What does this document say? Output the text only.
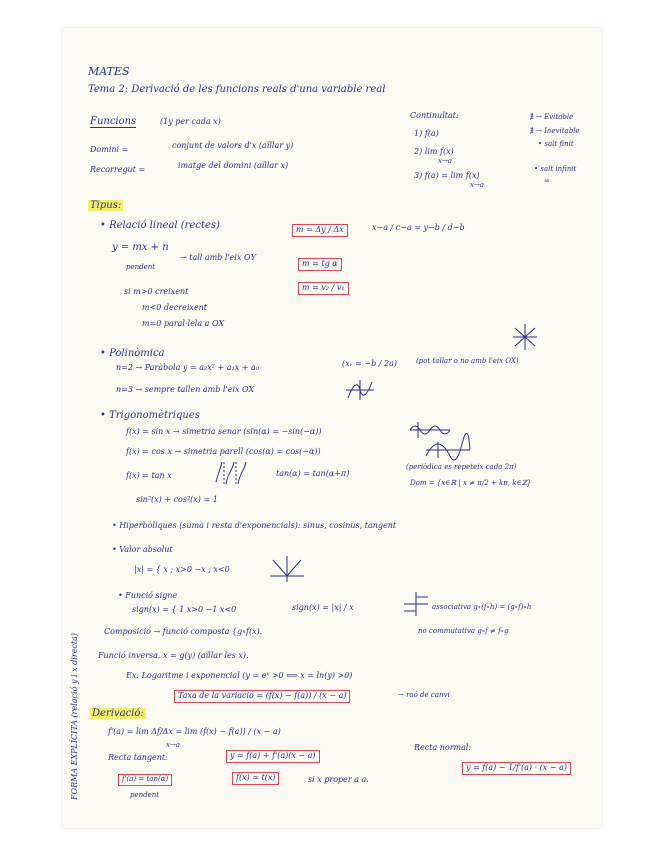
MATES
Tema 2: Derivació de les funcions reals d'una variable real
Funcions	(1y per cada x)
Domini =	conjunt de valors d'x (aïllar y)
Recorregut =	imatge del domini (aïllar x)
Continuïtat:
1) f(a)
2) lim f(x)
x→a
3) f(a) = lim f(x)
x→a
∄ → Evitable
∄ → Inevitable
• salt finit
• salt infinit
∞
Tipus:
• Relació lineal (rectes)	m = Δy / Δx	x−a / c−a = y−b / d−b
y = mx + n
pendent
→ tall amb l'eix OY
m = tg α
m = v₂ / v₁
si m>0 creixent
m<0 decreixent
m=0 paral·lela a OX
• Polinòmica
n=2 → Paràbola y = a₂x² + a₁x + a₀	(xᵥ = −b / 2a)	(pot tallar o no amb l'eix OX)
n=3 → sempre tallen amb l'eix OX
• Trigonomètriques
f(x) = sin x → simetria senar (sin(α) = −sin(−α))
f(x) = cos x → simetria parell (cos(α) = cos(−α))
f(x) = tan x	tan(α) = tan(α+π)
(periòdica es repeteix cada 2π)
Dom = {x∈ℝ | x ≠ π/2 + kπ, k∈ℤ}
sin²(x) + cos²(x) = 1
• Hiperbòliques (suma i resta d'exponencials): sinus, cosinus, tangent
• Valor absolut
|x| = { x ; x>0 −x ; x<0
• Funció signe
sign(x) = { 1 x>0 −1 x<0	sign(x) = |x| / x	associativa g∘(f∘h) = (g∘f)∘h
Composició → funció composta {g∘f(x).	no commutativa g∘f ≠ f∘g
Funció inversa. x = g(y) (aïllar les x).
Ex: Logaritme i exponencial (y = eˣ >0 ⟺ x = ln(y) >0)
Derivació:
Taxa de la variació = (f(x) − f(a)) / (x − a)	→ raó de canvi
f'(a) = lim Δf/Δx = lim (f(x) − f(a)) / (x − a)
x→a
Recta tangent:	y = f(a) + f'(a)(x − a)
Recta normal:
y = f(a) − 1/f'(a) · (x − a)
f'(a) = tan(α)
pendent
f(x) ≃ t(x)	si x proper a a.
FORMA EXPLÍCITA (relació y i x directa)
